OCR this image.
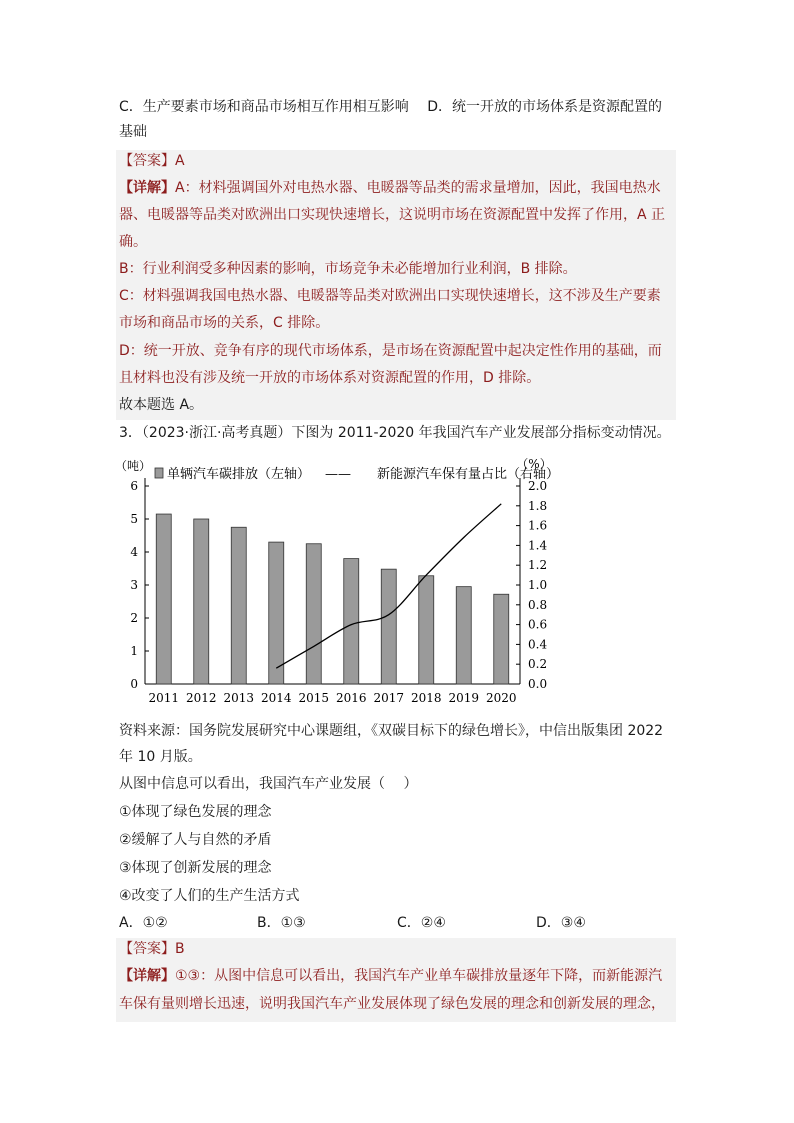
C．生产要素市场和商品市场相互作用相互影响　 D．统一开放的市场体系是资源配置的
基础
【答案】A
【详解】A：材料强调国外对电热水器、电暖器等品类的需求量增加，因此，我国电热水
器、电暖器等品类对欧洲出口实现快速增长，这说明市场在资源配置中发挥了作用，A 正
确。
B：行业利润受多种因素的影响，市场竞争未必能增加行业利润，B 排除。
C：材料强调我国电热水器、电暖器等品类对欧洲出口实现快速增长，这不涉及生产要素
市场和商品市场的关系，C 排除。
D：统一开放、竞争有序的现代市场体系，是市场在资源配置中起决定性作用的基础，而
且材料也没有涉及统一开放的市场体系对资源配置的作用，D 排除。
故本题选 A。
3．（2023·浙江·高考真题）下图为 2011-2020 年我国汽车产业发展部分指标变动情况。
0
1
2
3
4
5
6
0.0
0.2
0.4
0.6
0.8
1.0
1.2
1.4
1.6
1.8
2.0
（吨）	（%）
2011 2012 2013 2014 2015 2016 2017 2018 2019 2020
单辆汽车碳排放（左轴） —— 新能源汽车保有量占比（右轴）
资料来源：国务院发展研究中心课题组，《双碳目标下的绿色增长》，中信出版集团 2022
年 10 月版。
从图中信息可以看出，我国汽车产业发展（　 ）
①体现了绿色发展的理念
②缓解了人与自然的矛盾
③体现了创新发展的理念
④改变了人们的生产生活方式
A．①②	B．①③	C．②④	D．③④
【答案】B
【详解】①③：从图中信息可以看出，我国汽车产业单车碳排放量逐年下降，而新能源汽
车保有量则增长迅速，说明我国汽车产业发展体现了绿色发展的理念和创新发展的理念，
